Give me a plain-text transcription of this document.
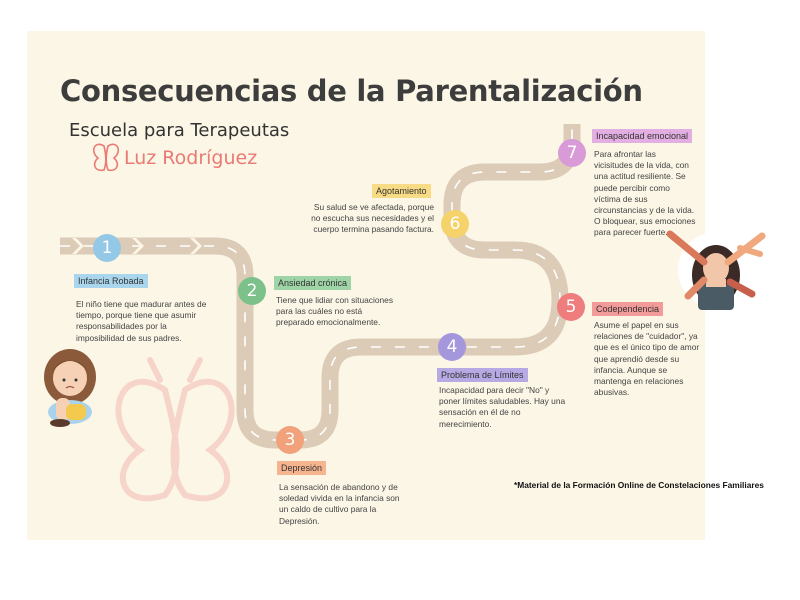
Consecuencias de la Parentalización
Escuela para Terapeutas
Luz Rodríguez
1
Infancia Robada
El niño tiene que madurar antes de
tiempo, porque tiene que asumir
responsabilidades por la
imposibilidad de sus padres.
2	Ansiedad crónica
Tiene que lidiar con situaciones
para las cuáles no está
preparado emocionalmente.
3
Depresión
La sensación de abandono y de
soledad vivida en la infancia son
un caldo de cultivo para la
Depresión.
4
Problema de Límites
Incapacidad para decir "No" y
poner límites saludables. Hay una
sensación en él de no
merecimiento.
5	Codependencia
Asume el papel en sus
relaciones de "cuidador", ya
que es el único tipo de amor
que aprendió desde su
infancia. Aunque se
mantenga en relaciones
abusivas.
6
Agotamiento
Su salud se ve afectada, porque
no escucha sus necesidades y el
cuerpo termina pasando factura.
7
Incapacidad emocional
Para afrontar las
vicisitudes de la vida, con
una actitud resiliente. Se
puede percibir como
víctima de sus
circunstancias y de la vida.
O bloquear, sus emociones
para parecer fuerte.
*Material de la Formación Online de Constelaciones Familiares
